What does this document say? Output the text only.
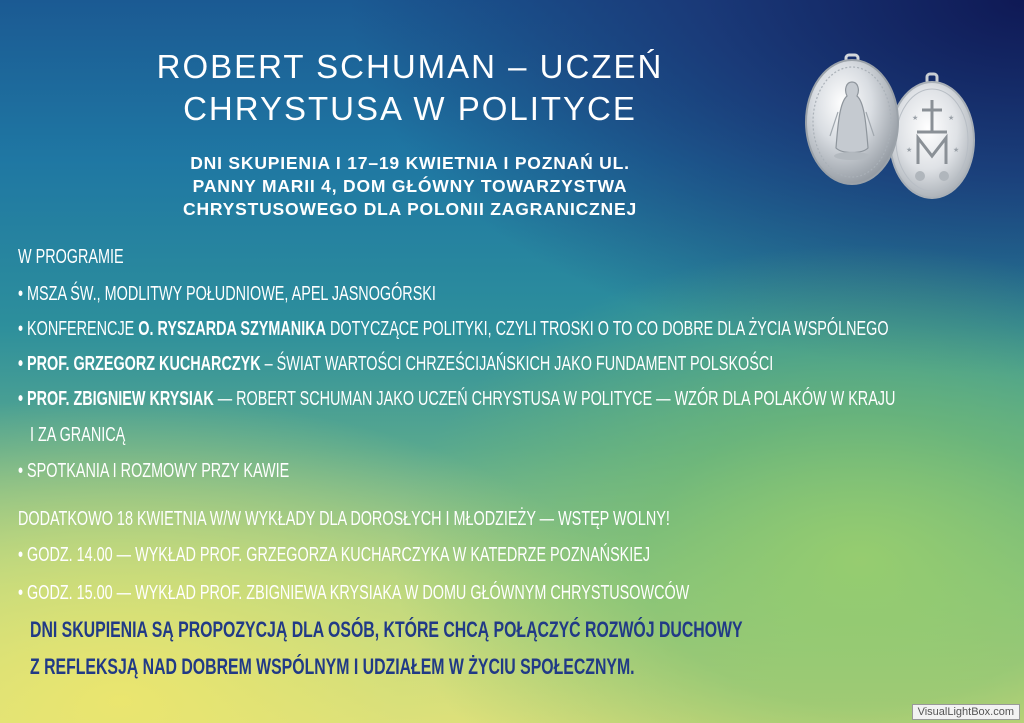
ROBERT SCHUMAN – UCZEŃ
CHRYSTUSA W POLITYCE
DNI SKUPIENIA I 17–19 KWIETNIA I POZNAŃ UL.
PANNY MARII 4, DOM GŁÓWNY TOWARZYSTWA
CHRYSTUSOWEGO DLA POLONII ZAGRANICZNEJ
★	★
★	★
W PROGRAMIE
• MSZA ŚW., MODLITWY POŁUDNIOWE, APEL JASNOGÓRSKI
• KONFERENCJE O. RYSZARDA SZYMANIKA DOTYCZĄCE POLITYKI, CZYLI TROSKI O TO CO DOBRE DLA ŻYCIA WSPÓLNEGO
• PROF. GRZEGORZ KUCHARCZYK – ŚWIAT WARTOŚCI CHRZEŚCIJAŃSKICH JAKO FUNDAMENT POLSKOŚCI
• PROF. ZBIGNIEW KRYSIAK — ROBERT SCHUMAN JAKO UCZEŃ CHRYSTUSA W POLITYCE — WZÓR DLA POLAKÓW W KRAJU
I ZA GRANICĄ
• SPOTKANIA I ROZMOWY PRZY KAWIE
DODATKOWO 18 KWIETNIA W/W WYKŁADY DLA DOROSŁYCH I MŁODZIEŻY — WSTĘP WOLNY!
• GODZ. 14.00 — WYKŁAD PROF. GRZEGORZA KUCHARCZYKA W KATEDRZE POZNAŃSKIEJ
• GODZ. 15.00 — WYKŁAD PROF. ZBIGNIEWA KRYSIAKA W DOMU GŁÓWNYM CHRYSTUSOWCÓW
DNI SKUPIENIA SĄ PROPOZYCJĄ DLA OSÓB, KTÓRE CHCĄ POŁĄCZYĆ ROZWÓJ DUCHOWY
Z REFLEKSJĄ NAD DOBREM WSPÓLNYM I UDZIAŁEM W ŻYCIU SPOŁECZNYM.
VisualLightBox.com
